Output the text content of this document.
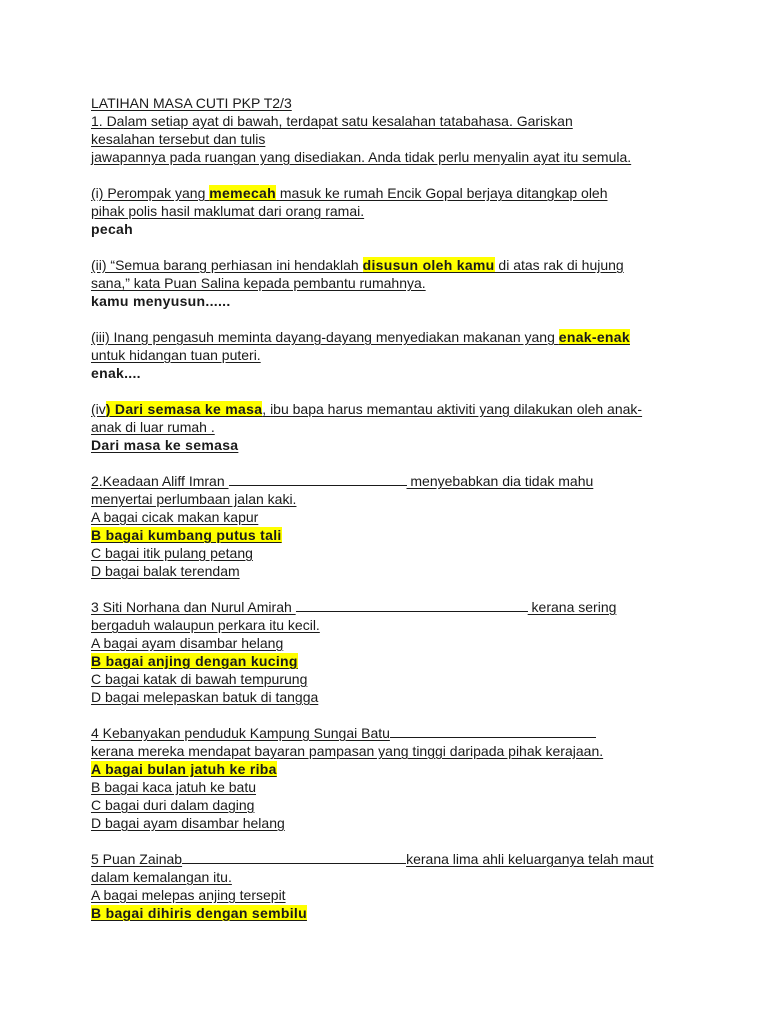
LATIHAN MASA CUTI PKP T2/3
1. Dalam setiap ayat di bawah, terdapat satu kesalahan tatabahasa. Gariskan
kesalahan tersebut dan tulis
jawapannya pada ruangan yang disediakan. Anda tidak perlu menyalin ayat itu semula.
(i) Perompak yang memecah masuk ke rumah Encik Gopal berjaya ditangkap oleh
pihak polis hasil maklumat dari orang ramai.
pecah
(ii) “Semua barang perhiasan ini hendaklah disusun oleh kamu di atas rak di hujung
sana,” kata Puan Salina kepada pembantu rumahnya.
kamu menyusun......
(iii) Inang pengasuh meminta dayang-dayang menyediakan makanan yang enak-enak
untuk hidangan tuan puteri.
enak....
(iv) Dari semasa ke masa, ibu bapa harus memantau aktiviti yang dilakukan oleh anak-
anak di luar rumah .
Dari masa ke semasa
2.Keadaan Aliff Imran	menyebabkan dia tidak mahu
menyertai perlumbaan jalan kaki.
A bagai cicak makan kapur
B bagai kumbang putus tali
C bagai itik pulang petang
D bagai balak terendam
3 Siti Norhana dan Nurul Amirah	kerana sering
bergaduh walaupun perkara itu kecil.
A bagai ayam disambar helang
B bagai anjing dengan kucing
C bagai katak di bawah tempurung
D bagai melepaskan batuk di tangga
4 Kebanyakan penduduk Kampung Sungai Batu
kerana mereka mendapat bayaran pampasan yang tinggi daripada pihak kerajaan.
A bagai bulan jatuh ke riba
B bagai kaca jatuh ke batu
C bagai duri dalam daging
D bagai ayam disambar helang
5 Puan Zainab	kerana lima ahli keluarganya telah maut
dalam kemalangan itu.
A bagai melepas anjing tersepit
B bagai dihiris dengan sembilu
